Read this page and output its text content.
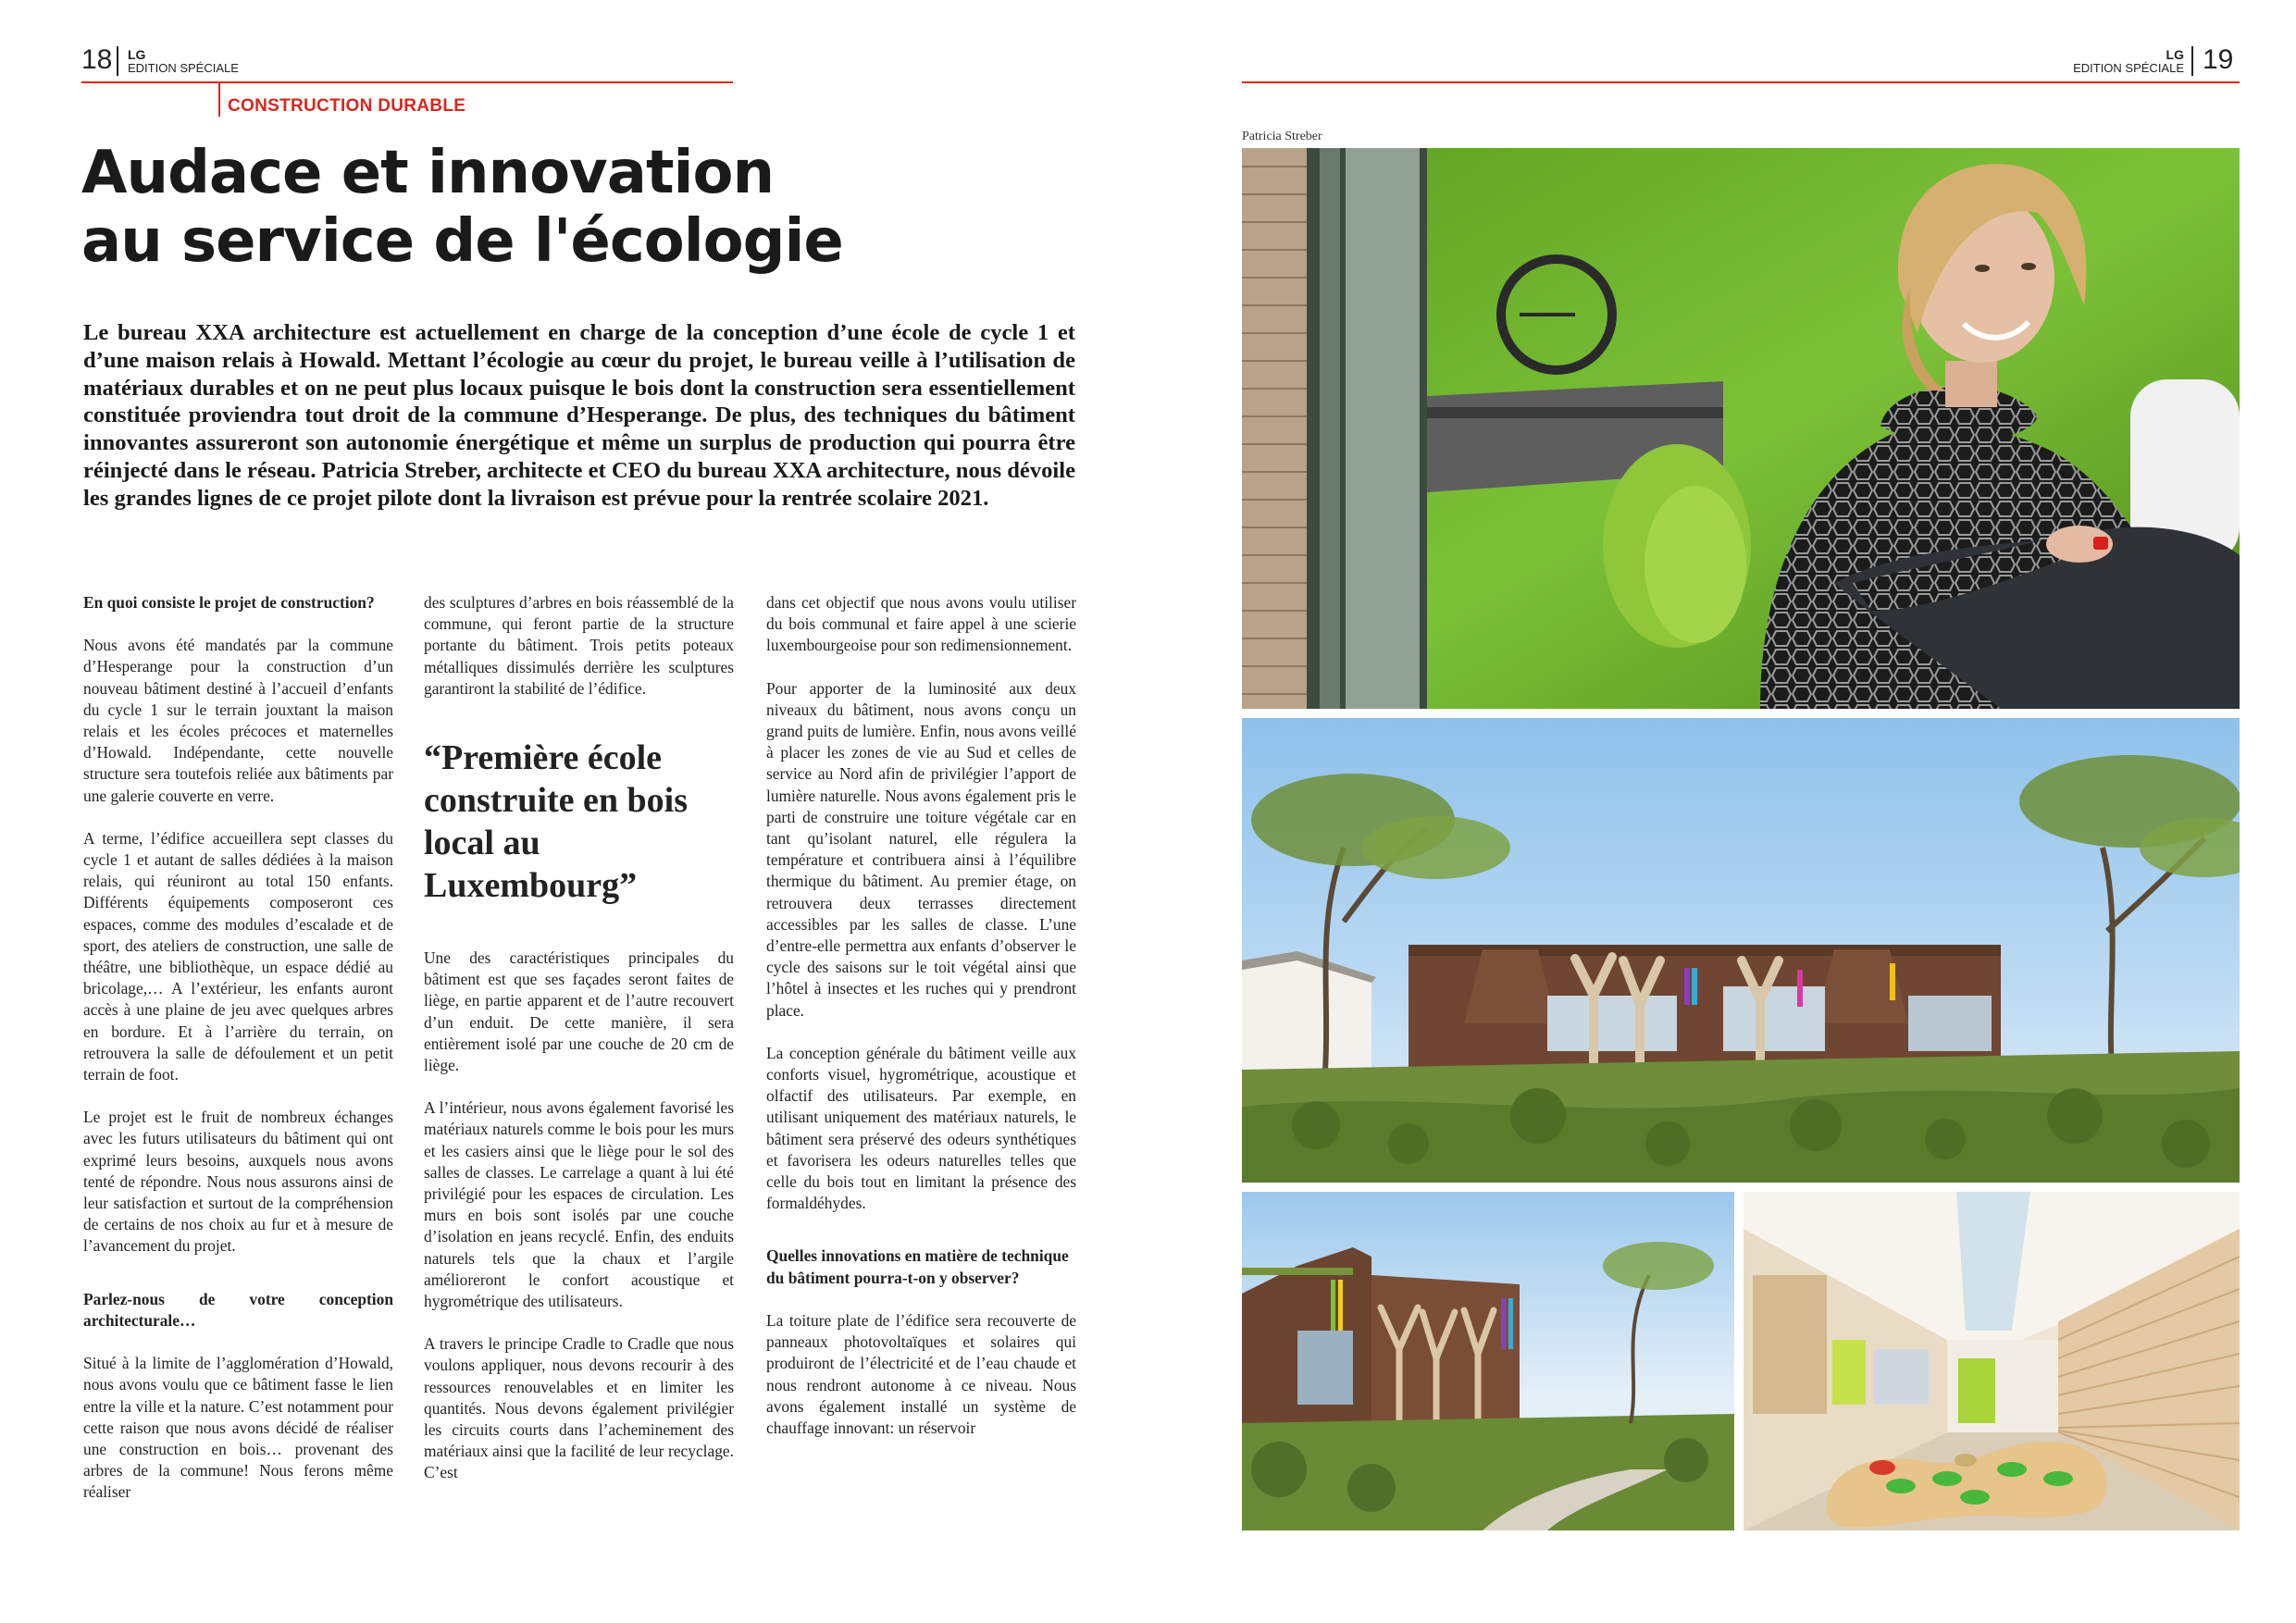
18 LG
EDITION SPÉCIALE
LG
EDITION SPÉCIALE 19
CONSTRUCTION DURABLE
Audace et innovation
au service de l'écologie
Le bureau XXA architecture est actuellement en charge de la conception d’une école de cycle 1 et d’une maison relais à Howald. Mettant l’écologie au cœur du projet, le bureau veille à l’utilisation de matériaux durables et on ne peut plus locaux puisque le bois dont la construction sera essentiellement constituée proviendra tout droit de la commune d’Hesperange. De plus, des techniques du bâtiment innovantes assureront son autonomie énergétique et même un surplus de production qui pourra être réinjecté dans le réseau. Patricia Streber, architecte et CEO du bureau XXA architecture, nous dévoile les grandes lignes de ce projet pilote dont la livraison est prévue pour la rentrée scolaire 2021.

En quoi consiste le projet de construction?

Nous avons été mandatés par la commune d’Hesperange pour la construction d’un nouveau bâtiment destiné à l’accueil d’enfants du cycle 1 sur le terrain jouxtant la maison relais et les écoles précoces et maternelles d’Howald. Indépendante, cette nouvelle structure sera toutefois reliée aux bâtiments par une galerie couverte en verre.

A terme, l’édifice accueillera sept classes du cycle 1 et autant de salles dédiées à la maison relais, qui réuniront au total 150 enfants. Différents équipements composeront ces espaces, comme des modules d’escalade et de sport, des ateliers de construction, une salle de théâtre, une bibliothèque, un espace dédié au bricolage,… A l’extérieur, les enfants auront accès à une plaine de jeu avec quelques arbres en bordure. Et à l’arrière du terrain, on retrouvera la salle de défoulement et un petit terrain de foot.

Le projet est le fruit de nombreux échanges avec les futurs utilisateurs du bâtiment qui ont exprimé leurs besoins, auxquels nous avons tenté de répondre. Nous nous assurons ainsi de leur satisfaction et surtout de la compréhension de certains de nos choix au fur et à mesure de l’avancement du projet.

Parlez-nous de votre conception architecturale…

Situé à la limite de l’agglomération d’Howald, nous avons voulu que ce bâtiment fasse le lien entre la ville et la nature. C’est notamment pour cette raison que nous avons décidé de réaliser une construction en bois… provenant des arbres de la commune! Nous ferons même réaliser

des sculptures d’arbres en bois réassemblé de la commune, qui feront partie de la structure portante du bâtiment. Trois petits poteaux métalliques dissimulés derrière les sculptures garantiront la stabilité de l’édifice.

“Première école construite en bois local au Luxembourg”

Une des caractéristiques principales du bâtiment est que ses façades seront faites de liège, en partie apparent et de l’autre recouvert d’un enduit. De cette manière, il sera entièrement isolé par une couche de 20 cm de liège.

A l’intérieur, nous avons également favorisé les matériaux naturels comme le bois pour les murs et les casiers ainsi que le liège pour le sol des salles de classes. Le carrelage a quant à lui été privilégié pour les espaces de circulation. Les murs en bois sont isolés par une couche d’isolation en jeans recyclé. Enfin, des enduits naturels tels que la chaux et l’argile amélioreront le confort acoustique et hygrométrique des utilisateurs.

A travers le principe Cradle to Cradle que nous voulons appliquer, nous devons recourir à des ressources renouvelables et en limiter les quantités. Nous devons également privilégier les circuits courts dans l’acheminement des matériaux ainsi que la facilité de leur recyclage. C’est

dans cet objectif que nous avons voulu utiliser du bois communal et faire appel à une scierie luxembourgeoise pour son redimensionnement.

Pour apporter de la luminosité aux deux niveaux du bâtiment, nous avons conçu un grand puits de lumière. Enfin, nous avons veillé à placer les zones de vie au Sud et celles de service au Nord afin de privilégier l’apport de lumière naturelle. Nous avons également pris le parti de construire une toiture végétale car en tant qu’isolant naturel, elle régulera la température et contribuera ainsi à l’équilibre thermique du bâtiment. Au premier étage, on retrouvera deux terrasses directement accessibles par les salles de classe. L’une d’entre-elle permettra aux enfants d’observer le cycle des saisons sur le toit végétal ainsi que l’hôtel à insectes et les ruches qui y prendront place.

La conception générale du bâtiment veille aux conforts visuel, hygrométrique, acoustique et olfactif des utilisateurs. Par exemple, en utilisant uniquement des matériaux naturels, le bâtiment sera préservé des odeurs synthétiques et favorisera les odeurs naturelles telles que celle du bois tout en limitant la présence des formaldéhydes.

Quelles innovations en matière de technique du bâtiment pourra-t-on y observer?

La toiture plate de l’édifice sera recouverte de panneaux photovoltaïques et solaires qui produiront de l’électricité et de l’eau chaude et nous rendront autonome à ce niveau. Nous avons également installé un système de chauffage innovant: un réservoir

Patricia Streber
